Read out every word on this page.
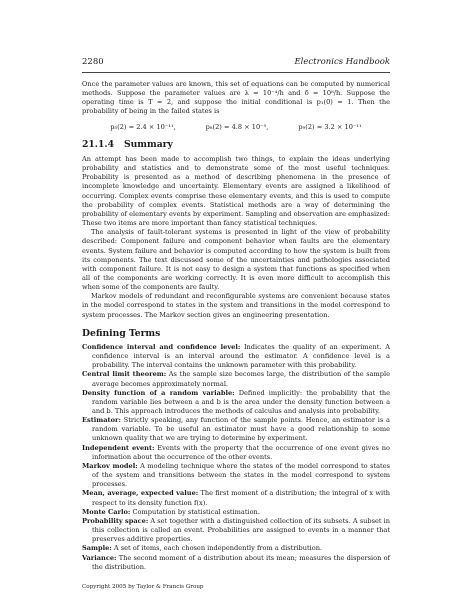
2280	Electronics Handbook

Once the parameter values are known, this set of equations can be computed by numerical methods. Suppose the parameter values are λ = 10⁻⁴/h and δ = 10⁸/h. Suppose the operating time is T = 2, and suppose the initial conditional is p₁(0) = 1. Then the probability of being in the failed states is

p₅(2) = 2.4 × 10⁻¹¹,	p₈(2) = 4.8 × 10⁻⁵,	p₉(2) = 3.2 × 10⁻¹¹
21.1.4 Summary

An attempt has been made to accomplish two things, to explain the ideas underlying probability and statistics and to demonstrate some of the most useful techniques. Probability is presented as a method of describing phenomena in the presence of incomplete knowledge and uncertainty. Elementary events are assigned a likelihood of occurring. Complex events comprise these elementary events, and this is used to compute the probability of complex events. Statistical methods are a way of determining the probability of elementary events by experiment. Sampling and observation are emphasized: These two items are more important than fancy statistical techniques.

The analysis of fault-tolerant systems is presented in light of the view of probability described: Component failure and component behavior when faults are the elementary events. System failure and behavior is computed according to how the system is built from its components. The text discussed some of the uncertainties and pathologies associated with component failure. It is not easy to design a system that functions as specified when all of the components are working correctly. It is even more difficult to accomplish this when some of the components are faulty.

Markov models of redundant and reconfigurable systems are convenient because states in the model correspond to states in the system and transitions in the model correspond to system processes. The Markov section gives an engineering presentation.

Defining Terms

Confidence interval and confidence level: Indicates the quality of an experiment. A confidence interval is an interval around the estimator. A confidence level is a probability. The interval contains the unknown parameter with this probability.

Central limit theorem: As the sample size becomes large, the distribution of the sample average becomes approximately normal.

Density function of a random variable: Defined implicitly: the probability that the random variable lies between a and b is the area under the density function between a and b. This approach introduces the methods of calculus and analysis into probability.

Estimator: Strictly speaking, any function of the sample points. Hence, an estimator is a random variable. To be useful an estimator must have a good relationship to some unknown quality that we are trying to determine by experiment.

Independent event: Events with the property that the occurrence of one event gives no information about the occurrence of the other events.

Markov model: A modeling technique where the states of the model correspond to states of the system and transitions between the states in the model correspond to system processes.

Mean, average, expected value: The first moment of a distribution; the integral of x with respect to its density function f(x).

Monte Carlo: Computation by statistical estimation.

Probability space: A set together with a distinguished collection of its subsets. A subset in this collection is called an event. Probabilities are assigned to events in a manner that preserves additive properties.

Sample: A set of items, each chosen independently from a distribution.

Variance: The second moment of a distribution about its mean; measures the dispersion of the distribution.

Copyright 2005 by Taylor & Francis Group
